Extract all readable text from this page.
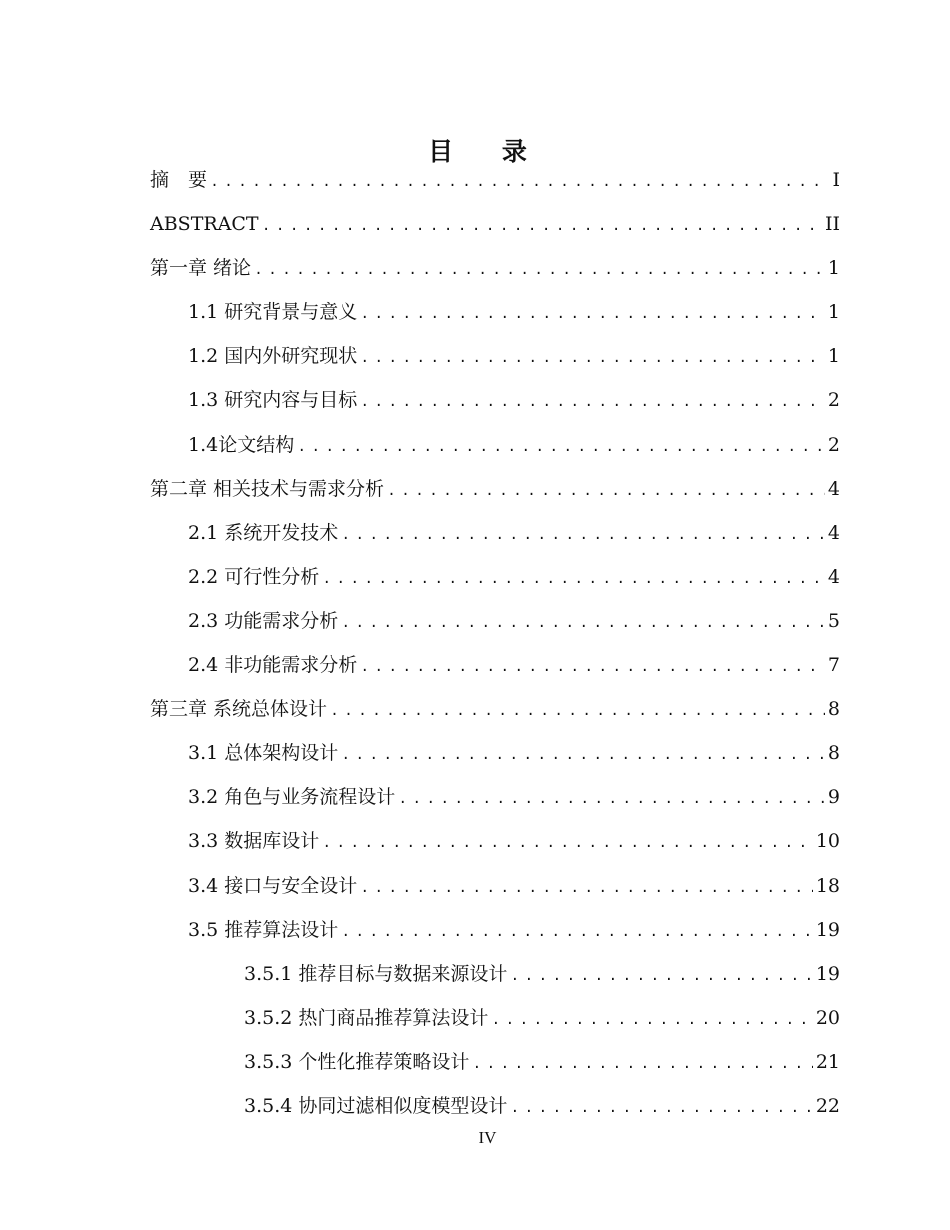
目 录
摘　要 .....	I
ABSTRACT .....	II
第一章 绪论 .....	1
1.1 研究背景与意义 .....	1
1.2 国内外研究现状 .....	1
1.3 研究内容与目标 .....	2
1.4论文结构 .....	2
第二章 相关技术与需求分析 .....	4
2.1 系统开发技术 .....	4
2.2 可行性分析 .....	4
2.3 功能需求分析 .....	5
2.4 非功能需求分析 .....	7
第三章 系统总体设计 .....	8
3.1 总体架构设计 .....	8
3.2 角色与业务流程设计 .....	9
3.3 数据库设计 .....	10
3.4 接口与安全设计 .....	18
3.5 推荐算法设计 .....	19
3.5.1 推荐目标与数据来源设计 .....	19
3.5.2 热门商品推荐算法设计 .....	20
3.5.3 个性化推荐策略设计 .....	21
3.5.4 协同过滤相似度模型设计 .....	22
IV
